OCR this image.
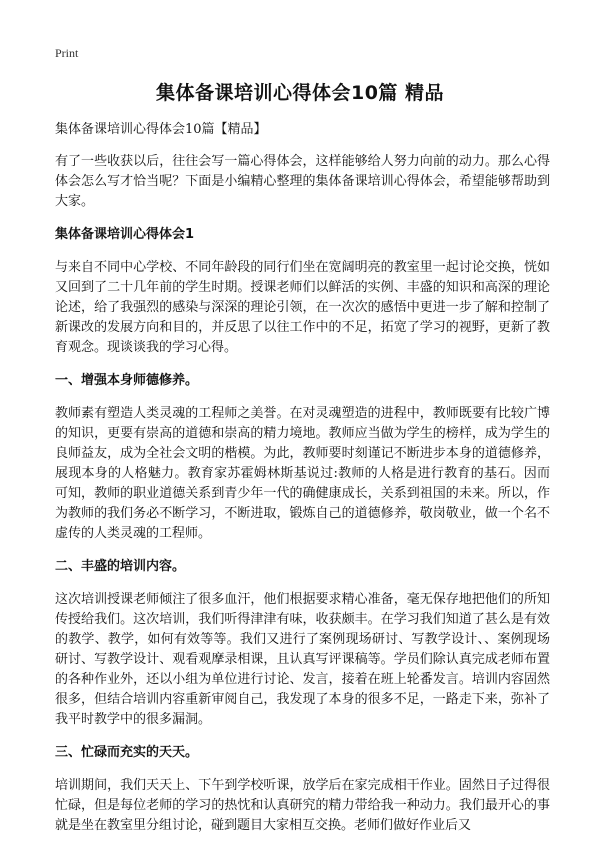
Print
集体备课培训心得体会10篇 精品

集体备课培训心得体会10篇【精品】

有了一些收获以后，往往会写一篇心得体会，这样能够给人努力向前的动力。那么心得体会怎么写才恰当呢？下面是小编精心整理的集体备课培训心得体会，希望能够帮助到大家。

集体备课培训心得体会1

与来自不同中心学校、不同年龄段的同行们坐在宽阔明亮的教室里一起讨论交换，恍如又回到了二十几年前的学生时期。授课老师们以鲜活的实例、丰盛的知识和高深的理论论述，给了我强烈的感染与深深的理论引领，在一次次的感悟中更进一步了解和控制了新课改的发展方向和目的，并反思了以往工作中的不足，拓宽了学习的视野，更新了教育观念。现谈谈我的学习心得。

一、增强本身师德修养。

教师素有塑造人类灵魂的工程师之美誉。在对灵魂塑造的进程中，教师既要有比较广博的知识，更要有崇高的道德和崇高的精力境地。教师应当做为学生的榜样，成为学生的良师益友，成为全社会文明的楷模。为此，教师要时刻谨记不断进步本身的道德修养，展现本身的人格魅力。教育家苏霍姆林斯基说过:教师的人格是进行教育的基石。因而可知，教师的职业道德关系到青少年一代的确健康成长，关系到祖国的未来。所以，作为教师的我们务必不断学习，不断进取，锻炼自己的道德修养，敬岗敬业，做一个名不虚传的人类灵魂的工程师。

二、丰盛的培训内容。

这次培训授课老师倾注了很多血汗，他们根据要求精心准备，毫无保存地把他们的所知传授给我们。这次培训，我们听得津津有味，收获颇丰。在学习我们知道了甚么是有效的教学、教学，如何有效等等。我们又进行了案例现场研讨、写教学设计、、案例现场研讨、写教学设计、观看观摩录相课，且认真写评课稿等。学员们除认真完成老师布置的各种作业外，还以小组为单位进行讨论、发言，接着在班上轮番发言。培训内容固然很多，但结合培训内容重新审阅自己，我发现了本身的很多不足，一路走下来，弥补了我平时教学中的很多漏洞。

三、忙碌而充实的天天。

培训期间，我们天天上、下午到学校听课，放学后在家完成相干作业。固然日子过得很忙碌，但是每位老师的学习的热忱和认真研究的精力带给我一种动力。我们最开心的事就是坐在教室里分组讨论，碰到题目大家相互交换。老师们做好作业后又
